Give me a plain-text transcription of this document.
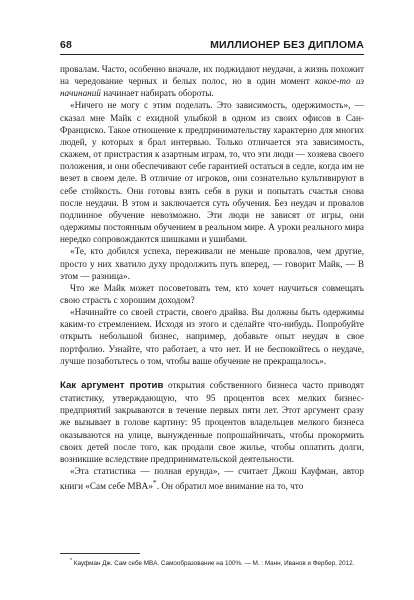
68	МИЛЛИОНЕР БЕЗ ДИПЛОМА

провалам. Часто, особенно вначале, их поджидают неудачи, а жизнь похожит на чередование черных и белых полос, но в один момент какое-то из начинаний начинает набирать обороты.

«Ничего не могу с этим поделать. Это зависимость, одержимость», — сказал мне Майк с ехидной улыбкой в одном из своих офисов в Сан-Франциско. Такое отношение к предпринимательству характерно для многих людей, у которых я брал интервью. Только отличается эта зависимость, скажем, от пристрастия к азартным играм, то, что эти люди — хозяева своего положения, и они обеспечивают себе гарантией остаться в седле, когда им не везет в своем деле. В отличие от игроков, они сознательно культивируют в себе стойкость. Они готовы взять себя в руки и попытать счастья снова после неудачи. В этом и заключается суть обучения. Без неудач и провалов подлинное обучение невозможно. Эти люди не зависят от игры, они одержимы постоянным обучением в реальном мире. А уроки реального мира нередко сопровождаются шишками и ушибами.

«Те, кто добился успеха, переживали не меньше провалов, чем другие, просто у них хватило духу продолжить путь вперед, — говорит Майк, — В этом — разница».

Что же Майк может посоветовать тем, кто хочет научиться совмещать свою страсть с хорошим доходом?

«Начинайте со своей страсти, своего драйва. Вы должны быть одержимы каким-то стремлением. Исходя из этого и сделайте что-нибудь. Попробуйте открыть небольшой бизнес, например, добавьте опыт неудач в свое портфолио. Узнайте, что работает, а что нет. И не беспокойтесь о неудаче, лучше позаботьтесь о том, чтобы ваше обучение не прекращалось».

Как аргумент против открытия собственного бизнеса часто приводят статистику, утверждающую, что 95 процентов всех мелких бизнес-предприятий закрываются в течение первых пяти лет. Этот аргумент сразу же вызывает в голове картину: 95 процентов владельцев мелкого бизнеса оказываются на улице, вынужденные попрошайничать, чтобы прокормить своих детей после того, как продали свое жилье, чтобы оплатить долги, возникшие вследствие предпринимательской деятельности.

«Эта статистика — полная ерунда», — считает Джош Кауфман, автор книги «Сам себе MBA»*. Он обратил мое внимание на то, что

* Кауфман Дж. Сам себе MBA. Самообразование на 100%. — М. : Манн, Иванов и Фербер, 2012.
